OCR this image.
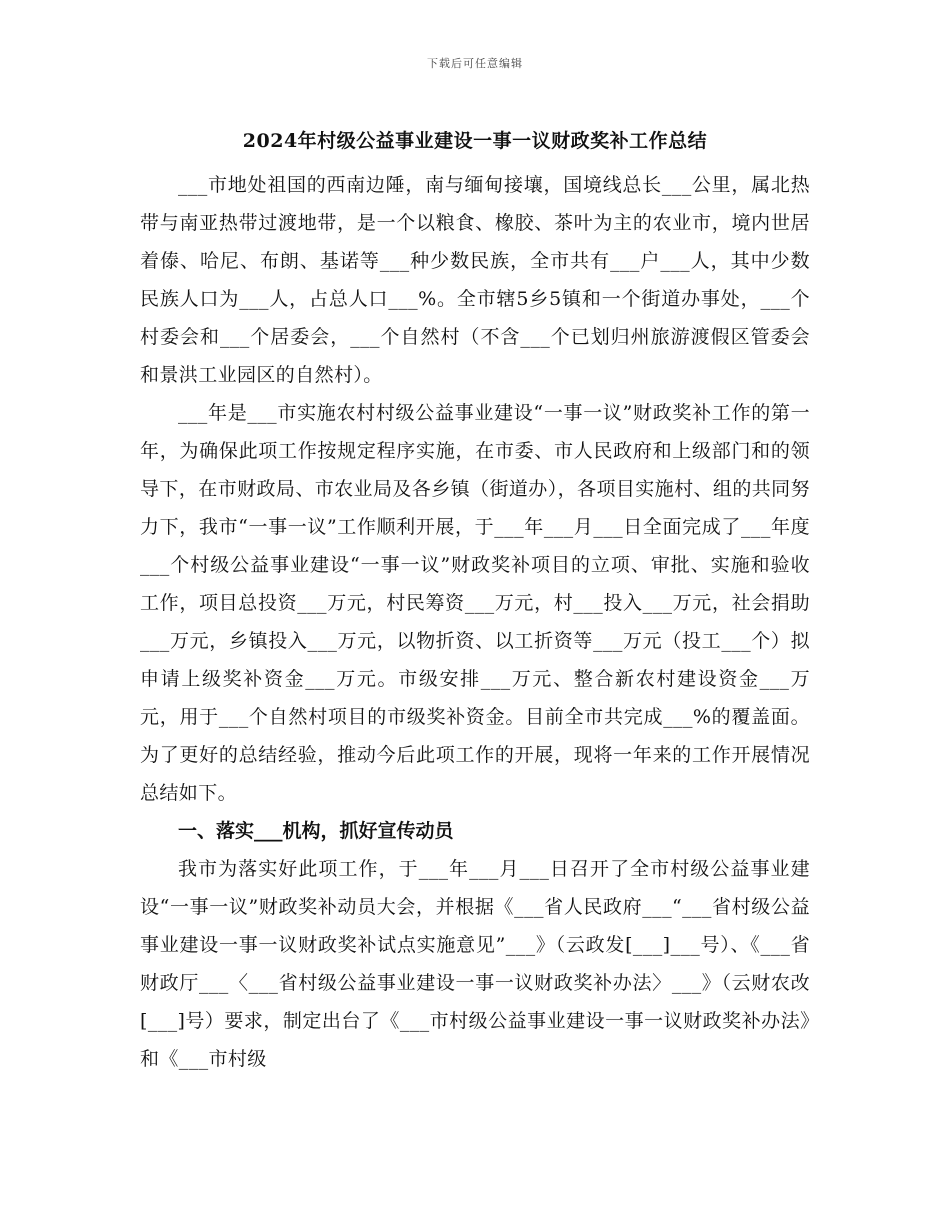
下载后可任意编辑
2024年村级公益事业建设一事一议财政奖补工作总结

___市地处祖国的西南边陲，南与缅甸接壤，国境线总长___公里，属北热带与南亚热带过渡地带，是一个以粮食、橡胶、茶叶为主的农业市，境内世居着傣、哈尼、布朗、基诺等___种少数民族，全市共有___户___人，其中少数民族人口为___人，占总人口___%。全市辖5乡5镇和一个街道办事处，___个村委会和___个居委会，___个自然村（不含___个已划归州旅游渡假区管委会和景洪工业园区的自然村）。

___年是___市实施农村村级公益事业建设“一事一议”财政奖补工作的第一年，为确保此项工作按规定程序实施，在市委、市人民政府和上级部门和的领导下，在市财政局、市农业局及各乡镇（街道办），各项目实施村、组的共同努力下，我市“一事一议”工作顺利开展，于___年___月___日全面完成了___年度___个村级公益事业建设“一事一议”财政奖补项目的立项、审批、实施和验收工作，项目总投资___万元，村民筹资___万元，村___投入___万元，社会捐助___万元，乡镇投入___万元，以物折资、以工折资等___万元（投工___个）拟申请上级奖补资金___万元。市级安排___万元、整合新农村建设资金___万元，用于___个自然村项目的市级奖补资金。目前全市共完成___%的覆盖面。为了更好的总结经验，推动今后此项工作的开展，现将一年来的工作开展情况总结如下。

一、落实___机构，抓好宣传动员

我市为落实好此项工作，于___年___月___日召开了全市村级公益事业建设“一事一议”财政奖补动员大会，并根据《___省人民政府___“___省村级公益事业建设一事一议财政奖补试点实施意见”___》（云政发[___]___号）、《___省财政厅___〈___省村级公益事业建设一事一议财政奖补办法〉___》（云财农改[___]号）要求，制定出台了《___市村级公益事业建设一事一议财政奖补办法》和《___市村级
